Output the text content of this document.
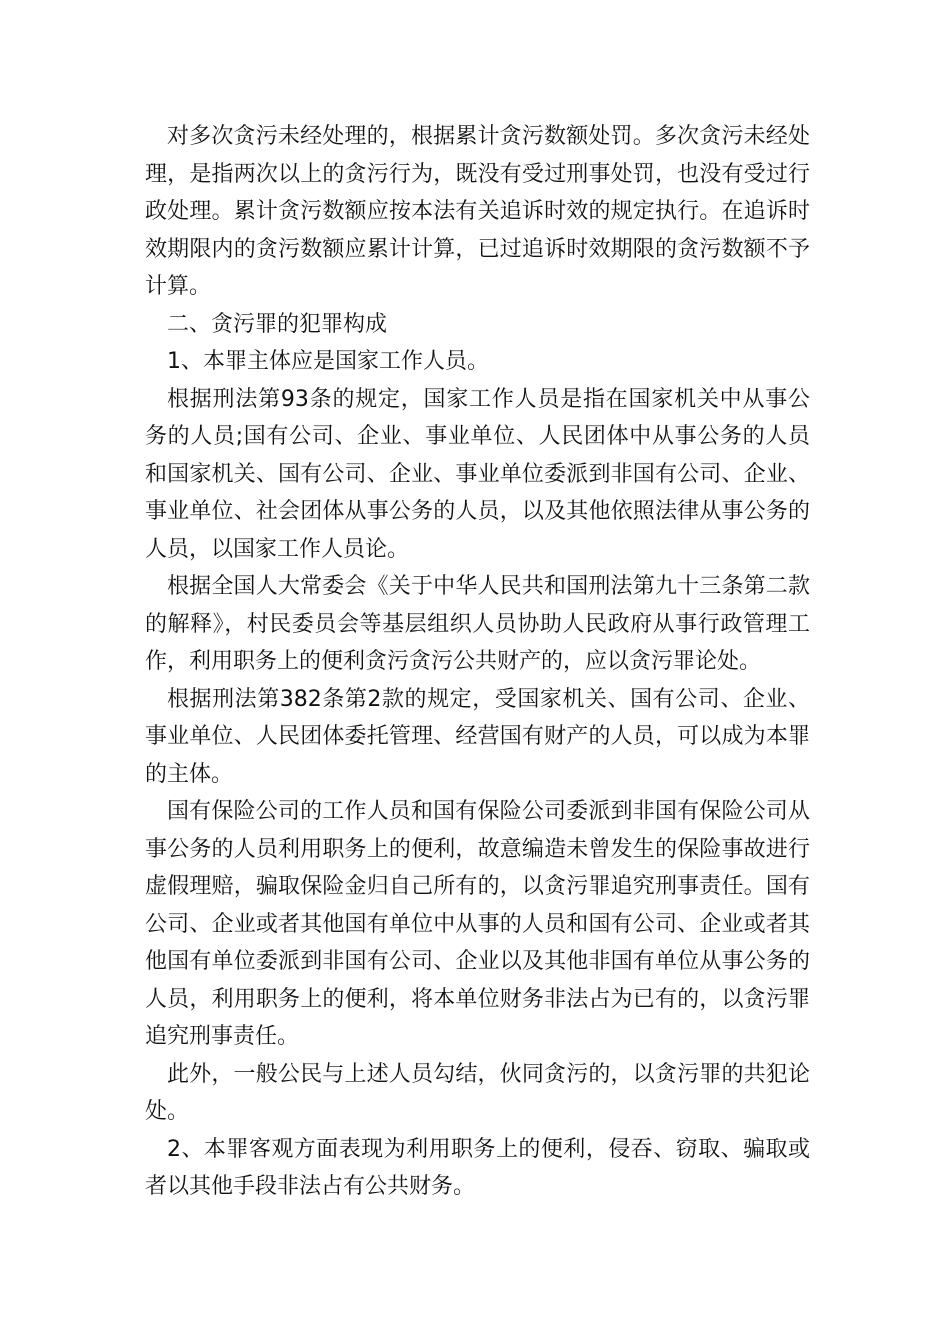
对多次贪污未经处理的，根据累计贪污数额处罚。多次贪污未经处理，是指两次以上的贪污行为，既没有受过刑事处罚，也没有受过行政处理。累计贪污数额应按本法有关追诉时效的规定执行。在追诉时效期限内的贪污数额应累计计算，已过追诉时效期限的贪污数额不予计算。

二、贪污罪的犯罪构成

1、本罪主体应是国家工作人员。

根据刑法第93条的规定，国家工作人员是指在国家机关中从事公务的人员;国有公司、企业、事业单位、人民团体中从事公务的人员和国家机关、国有公司、企业、事业单位委派到非国有公司、企业、事业单位、社会团体从事公务的人员，以及其他依照法律从事公务的人员，以国家工作人员论。

根据全国人大常委会《关于中华人民共和国刑法第九十三条第二款的解释》，村民委员会等基层组织人员协助人民政府从事行政管理工作，利用职务上的便利贪污贪污公共财产的，应以贪污罪论处。

根据刑法第382条第2款的规定，受国家机关、国有公司、企业、事业单位、人民团体委托管理、经营国有财产的人员，可以成为本罪的主体。

国有保险公司的工作人员和国有保险公司委派到非国有保险公司从事公务的人员利用职务上的便利，故意编造未曾发生的保险事故进行虚假理赔，骗取保险金归自己所有的，以贪污罪追究刑事责任。国有公司、企业或者其他国有单位中从事的人员和国有公司、企业或者其他国有单位委派到非国有公司、企业以及其他非国有单位从事公务的人员，利用职务上的便利，将本单位财务非法占为已有的，以贪污罪追究刑事责任。

此外，一般公民与上述人员勾结，伙同贪污的，以贪污罪的共犯论处。

2、本罪客观方面表现为利用职务上的便利，侵吞、窃取、骗取或者以其他手段非法占有公共财务。
